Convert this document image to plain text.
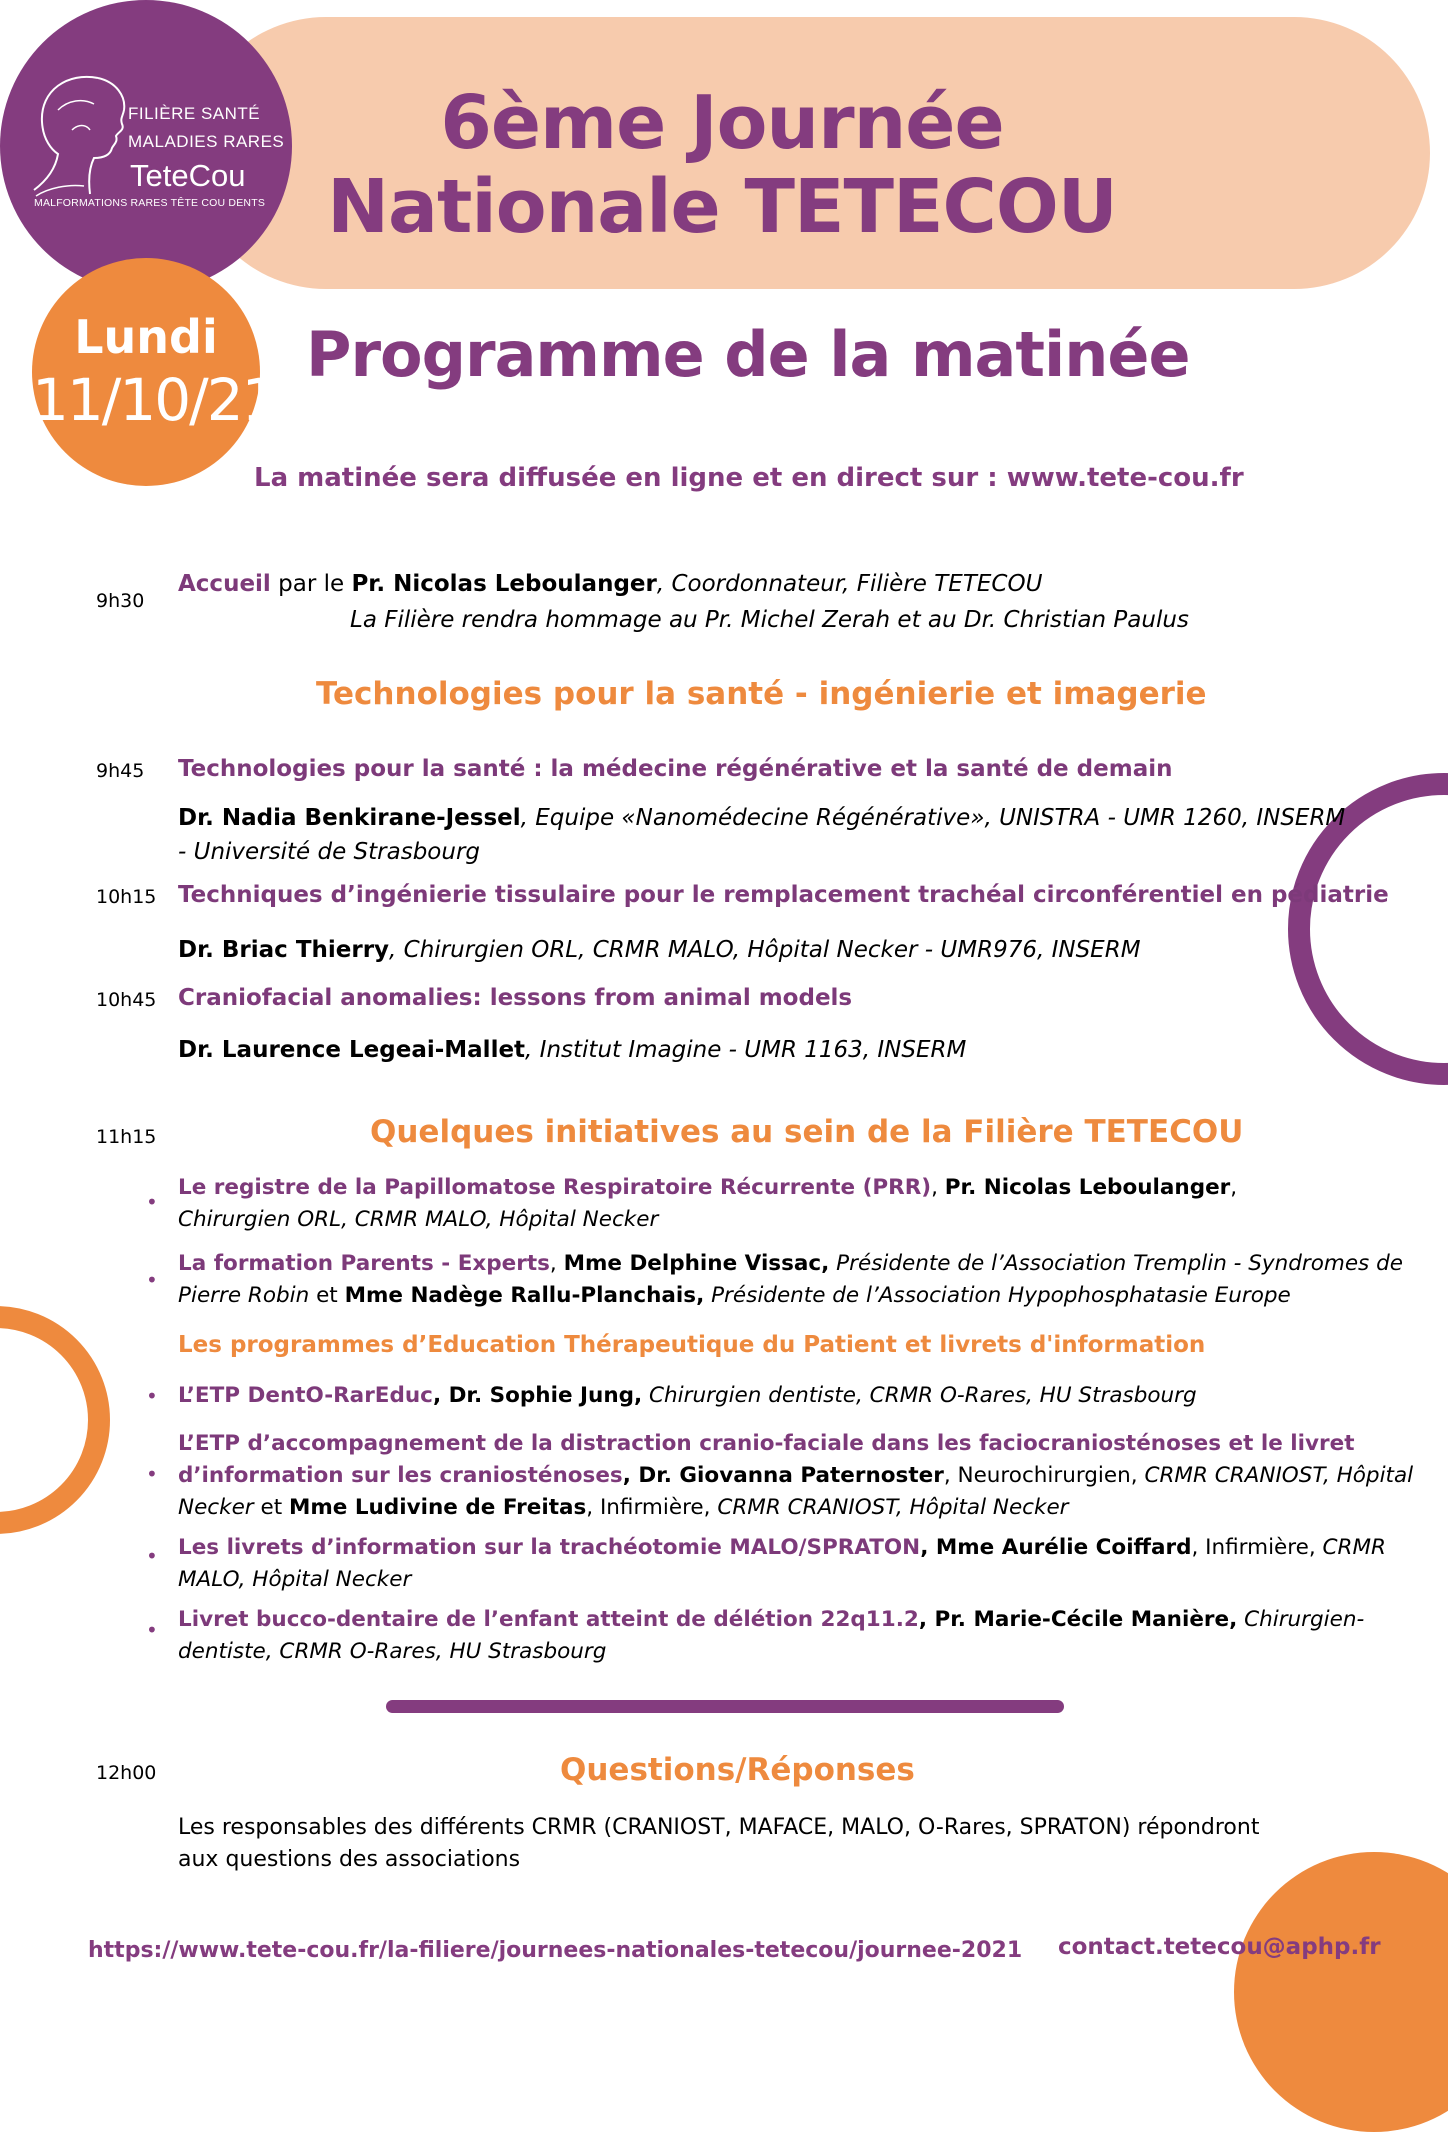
FILIÈRE SANTÉ
MALADIES RARES
TeteCou
MALFORMATIONS RARES TÊTE COU DENTS
6ème Journée
Nationale TETECOU
Lundi
11/10/21
Programme de la matinée
La matinée sera diffusée en ligne et en direct sur : www.tete-cou.fr
9h30
Accueil par le Pr. Nicolas Leboulanger, Coordonnateur, Filière TETECOU
La Filière rendra hommage au Pr. Michel Zerah et au Dr. Christian Paulus
Technologies pour la santé - ingénierie et imagerie
9h45 Technologies pour la santé : la médecine régénérative et la santé de demain
Dr. Nadia Benkirane-Jessel, Equipe «Nanomédecine Régénérative», UNISTRA - UMR 1260, INSERM
- Université de Strasbourg
10h15 Techniques d’ingénierie tissulaire pour le remplacement trachéal circonférentiel en pédiatrie
Dr. Briac Thierry, Chirurgien ORL, CRMR MALO, Hôpital Necker - UMR976, INSERM
10h45 Craniofacial anomalies: lessons from animal models
Dr. Laurence Legeai-Mallet, Institut Imagine - UMR 1163, INSERM
11h15	Quelques initiatives au sein de la Filière TETECOU
•
Le registre de la Papillomatose Respiratoire Récurrente (PRR), Pr. Nicolas Leboulanger,
Chirurgien ORL, CRMR MALO, Hôpital Necker
•
La formation Parents - Experts, Mme Delphine Vissac, Présidente de l’Association Tremplin - Syndromes de
Pierre Robin et Mme Nadège Rallu-Planchais, Présidente de l’Association Hypophosphatasie Europe
Les programmes d’Education Thérapeutique du Patient et livrets d'information
• L’ETP DentO-RarEduc, Dr. Sophie Jung, Chirurgien dentiste, CRMR O-Rares, HU Strasbourg
•
L’ETP d’accompagnement de la distraction cranio-faciale dans les faciocraniosténoses et le livret
d’information sur les craniosténoses, Dr. Giovanna Paternoster, Neurochirurgien, CRMR CRANIOST, Hôpital
Necker et Mme Ludivine de Freitas, Infirmière, CRMR CRANIOST, Hôpital Necker
• Les livrets d’information sur la trachéotomie MALO/SPRATON, Mme Aurélie Coiffard, Infirmière, CRMR
MALO, Hôpital Necker
• Livret bucco-dentaire de l’enfant atteint de délétion 22q11.2, Pr. Marie-Cécile Manière, Chirurgien-
dentiste, CRMR O-Rares, HU Strasbourg
12h00	Questions/Réponses
Les responsables des différents CRMR (CRANIOST, MAFACE, MALO, O-Rares, SPRATON) répondront
aux questions des associations
https://www.tete-cou.fr/la-filiere/journees-nationales-tetecou/journee-2021 contact.tetecou@aphp.fr
